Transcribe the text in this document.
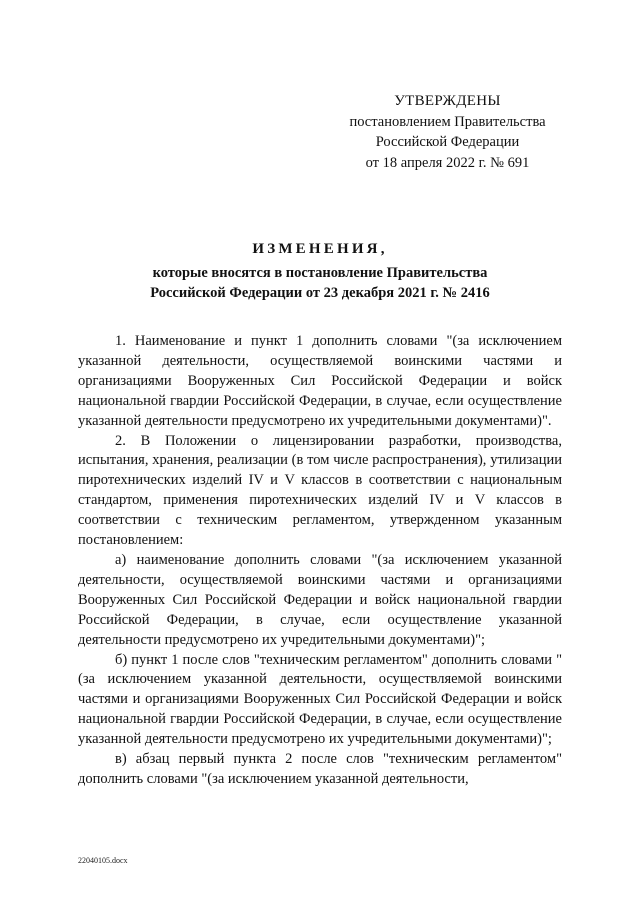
УТВЕРЖДЕНЫ
постановлением Правительства
Российской Федерации
от 18 апреля 2022 г. № 691
ИЗМЕНЕНИЯ,
которые вносятся в постановление Правительства
Российской Федерации от 23 декабря 2021 г. № 2416

1. Наименование и пункт 1 дополнить словами "(за исключением указанной деятельности, осуществляемой воинскими частями и организациями Вооруженных Сил Российской Федерации и войск национальной гвардии Российской Федерации, в случае, если осуществление указанной деятельности предусмотрено их учредительными документами)".

2. В Положении о лицензировании разработки, производства, испытания, хранения, реализации (в том числе распространения), утилизации пиротехнических изделий IV и V классов в соответствии с национальным стандартом, применения пиротехнических изделий IV и V классов в соответствии с техническим регламентом, утвержденном указанным постановлением:

а) наименование дополнить словами "(за исключением указанной деятельности, осуществляемой воинскими частями и организациями Вооруженных Сил Российской Федерации и войск национальной гвардии Российской Федерации, в случае, если осуществление указанной деятельности предусмотрено их учредительными документами)";

б) пункт 1 после слов "техническим регламентом" дополнить словами "(за исключением указанной деятельности, осуществляемой воинскими частями и организациями Вооруженных Сил Российской Федерации и войск национальной гвардии Российской Федерации, в случае, если осуществление указанной деятельности предусмотрено их учредительными документами)";

в) абзац первый пункта 2 после слов "техническим регламентом" дополнить словами "(за исключением указанной деятельности,

22040105.docx
